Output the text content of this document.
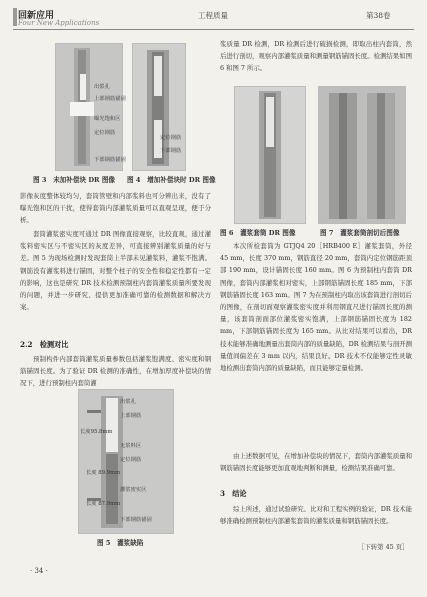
回新应用
Four New Applications
工程质量	第38卷
出浆孔
上部钢筋锚固
曝光饱和区
定位钢筋
下部钢筋锚固
定位钢筋
下部钢筋
图 3　未加补偿块 DR 图像 图 4　增加补偿块时 DR 图像
影像灰度整体较均匀，套筒管壁和内部浆料也可分辨出来，没有了曝光饱和区的干扰，使得套筒内部灌浆质量可以直观呈现，便于分析。
套筒灌浆密实度可通过 DR 图像直接观察，比较直观，通过灌浆料密实区与不密实区的灰度差异，可直接辨别灌浆质量的好与差。图 5 为现场检测时发现套筒上半部未见灌浆料，灌浆不饱满。钢筋没有灌浆料进行锚固，对整个柱子的安全性和稳定性都有一定的影响，这也是研究 DR 技术检测预制柱内套筒灌浆质量所要发现的问题，并进一步研究、提供更加准确可靠的检测数据和解决方案。
2.2　检测对比
预制构件内部套筒灌浆质量参数包括灌浆饱满度、密实度和钢筋锚固长度。为了验证 DR 检测的准确性，在增加厚度补偿块的情况下，进行预制柱内套筒灌
出浆孔
上部钢筋
长度95.8mm
无浆料区
定位钢筋
长度 89.9mm
灌浆密实区
长度 87.9mm
下部钢筋锚固
图 5　灌浆缺陷
浆质量 DR 检测，DR 检测后进行破损检测，即取出柱内套筒，然后进行剖切，观察内部灌浆质量和测量钢筋锚固长度。检测结果如图 6 和图 7 所示。
图 6　灌浆套筒 DR 图像	图 7　灌浆套筒剖切后图像
本次所检套筒为 GTJQ4 20［HRB400 E］灌浆套筒，外径 45 mm，长度 370 mm，钢筋直径 20 mm，套筒内定位钢筋距顶部 190 mm，设计锚固长度 160 mm。图 6 为预制柱内套筒 DR 图像，套筒内部灌浆相对密实，上部钢筋锚固长度 185 mm，下部钢筋锚固长度 163 mm。图 7 为在预制柱内取出该套筒进行剖切后的图像，在剖切面观察灌浆密实度并利用钢直尺进行锚固长度的测量，该套筒剖面部位灌浆密实饱满，上部钢筋锚固长度为 182 mm，下部钢筋锚固长度为 165 mm。从比对结果可以看出，DR 技术能够准确地测量出套筒内部的质量缺陷，DR 检测结果与剖开测量值间偏差在 3 mm 以内，结果良好。DR 技术不仅能够定性灵敏地检测出套筒内部的质量缺陷，而且能够定量检测。
由上述数据可见，在增加补偿块的情况下，套筒内部灌浆质量和钢筋锚固长度能够更加直观地判断和测量，检测结果准确可靠。
3　结论
综上所述，通过试验研究、比对和工程实例的验证，DR 技术能够准确检测预制柱内部灌浆套筒的灌浆质量和钢筋锚固长度。
［下转第 45 页］
· 34 ·
